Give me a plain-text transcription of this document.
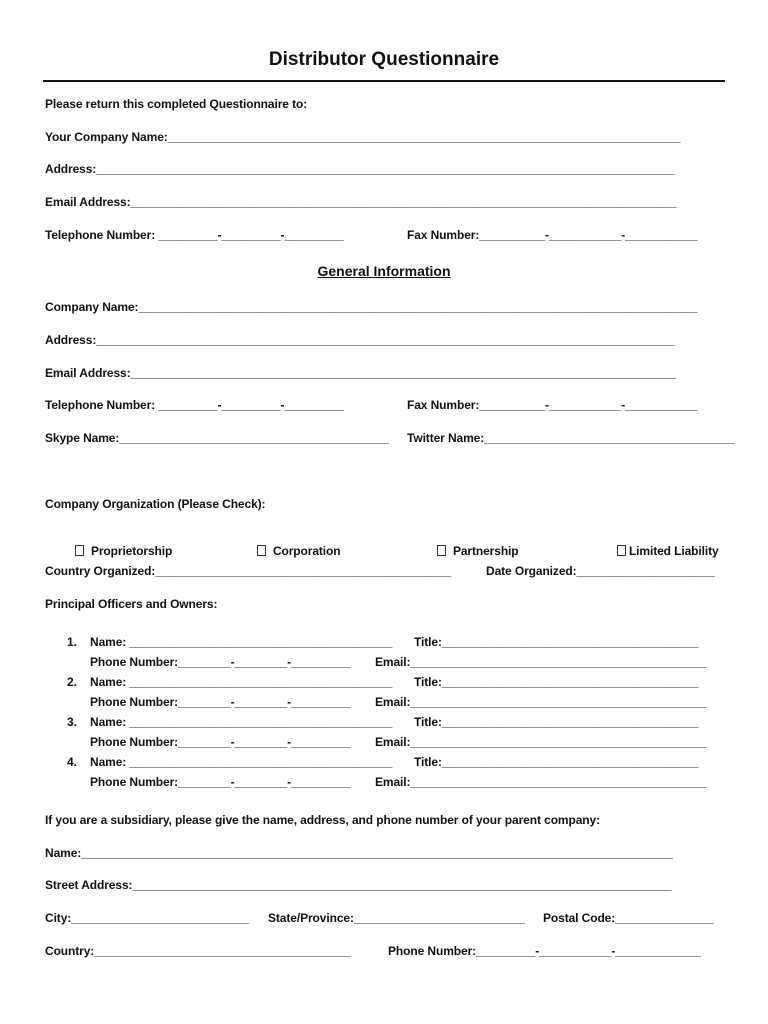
Distributor Questionnaire
Please return this completed Questionnaire to:
Your Company Name:______________________________________________________________________________
Address:________________________________________________________________________________________
Email Address:___________________________________________________________________________________
Telephone Number: _________-_________-_________	Fax Number:__________-___________-___________
General Information
Company Name:_____________________________________________________________________________________
Address:________________________________________________________________________________________
Email Address:___________________________________________________________________________________
Telephone Number: _________-_________-_________	Fax Number:__________-___________-___________
Skype Name:_________________________________________ Twitter Name:______________________________________
Company Organization (Please Check):

Proprietorship
	Corporation
	Partnership
	Limited Liability

Country Organized:_____________________________________________	Date Organized:_____________________
Principal Officers and Owners:
1. Name: ________________________________________ Title:_______________________________________
Phone Number:________-________-_________ Email:_____________________________________________
2. Name: ________________________________________ Title:_______________________________________
Phone Number:________-________-_________ Email:_____________________________________________
3. Name: ________________________________________ Title:_______________________________________
Phone Number:________-________-_________ Email:_____________________________________________
4. Name: ________________________________________ Title:_______________________________________
Phone Number:________-________-_________ Email:_____________________________________________
If you are a subsidiary, please give the name, address, and phone number of your parent company:
Name:__________________________________________________________________________________________
Street Address:__________________________________________________________________________________
City:___________________________ State/Province:__________________________ Postal Code:_______________
Country:_______________________________________	Phone Number:_________-___________-_____________
